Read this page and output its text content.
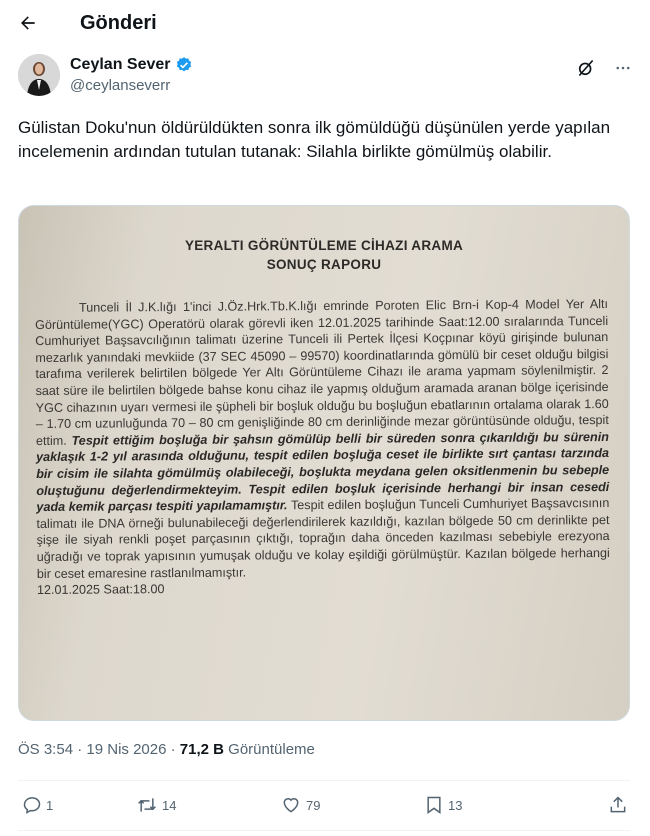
Gönderi
Ceylan Sever
@ceylanseverr
Gülistan Doku'nun öldürüldükten sonra ilk gömüldüğü düşünülen yerde yapılan incelemenin ardından tutulan tutanak: Silahla birlikte gömülmüş olabilir.
YERALTI GÖRÜNTÜLEME CİHAZI ARAMA
SONUÇ RAPORU
Tunceli İl J.K.lığı 1'inci J.Öz.Hrk.Tb.K.lığı emrinde Poroten Elic Brn-i Kop-4 Model Yer Altı Görüntüleme(YGC) Operatörü olarak görevli iken 12.01.2025 tarihinde Saat:12.00 sıralarında Tunceli Cumhuriyet Başsavcılığının talimatı üzerine Tunceli ili Pertek İlçesi Koçpınar köyü girişinde bulunan mezarlık yanındaki mevkiide (37 SEC 45090 – 99570) koordinatlarında gömülü bir ceset olduğu bilgisi tarafıma verilerek belirtilen bölgede Yer Altı Görüntüleme Cihazı ile arama yapmam söylenilmiştir. 2 saat süre ile belirtilen bölgede bahse konu cihaz ile yapmış olduğum aramada aranan bölge içerisinde YGC cihazının uyarı vermesi ile şüpheli bir boşluk olduğu bu boşluğun ebatlarının ortalama olarak 1.60 – 1.70 cm uzunluğunda 70 – 80 cm genişliğinde 80 cm derinliğinde mezar görüntüsünde olduğu, tespit ettim. Tespit ettiğim boşluğa bir şahsın gömülüp belli bir süreden sonra çıkarıldığı bu sürenin yaklaşık 1-2 yıl arasında olduğunu, tespit edilen boşluğa ceset ile birlikte sırt çantası tarzında bir cisim ile silahta gömülmüş olabileceği, boşlukta meydana gelen oksitlenmenin bu sebeple oluştuğunu değerlendirmekteyim. Tespit edilen boşluk içerisinde herhangi bir insan cesedi yada kemik parçası tespiti yapılamamıştır. Tespit edilen boşluğun Tunceli Cumhuriyet Başsavcısının talimatı ile DNA örneği bulunabileceği değerlendirilerek kazıldığı, kazılan bölgede 50 cm derinlikte pet şişe ile siyah renkli poşet parçasının çıktığı, toprağın daha önceden kazılması sebebiyle erezyona uğradığı ve toprak yapısının yumuşak olduğu ve kolay eşildiği görülmüştür. Kazılan bölgede herhangi bir ceset emaresine rastlanılmamıştır.
12.01.2025 Saat:18.00
ÖS 3:54 · 19 Nis 2026 · 71,2 B Görüntüleme
1	14	79	13
